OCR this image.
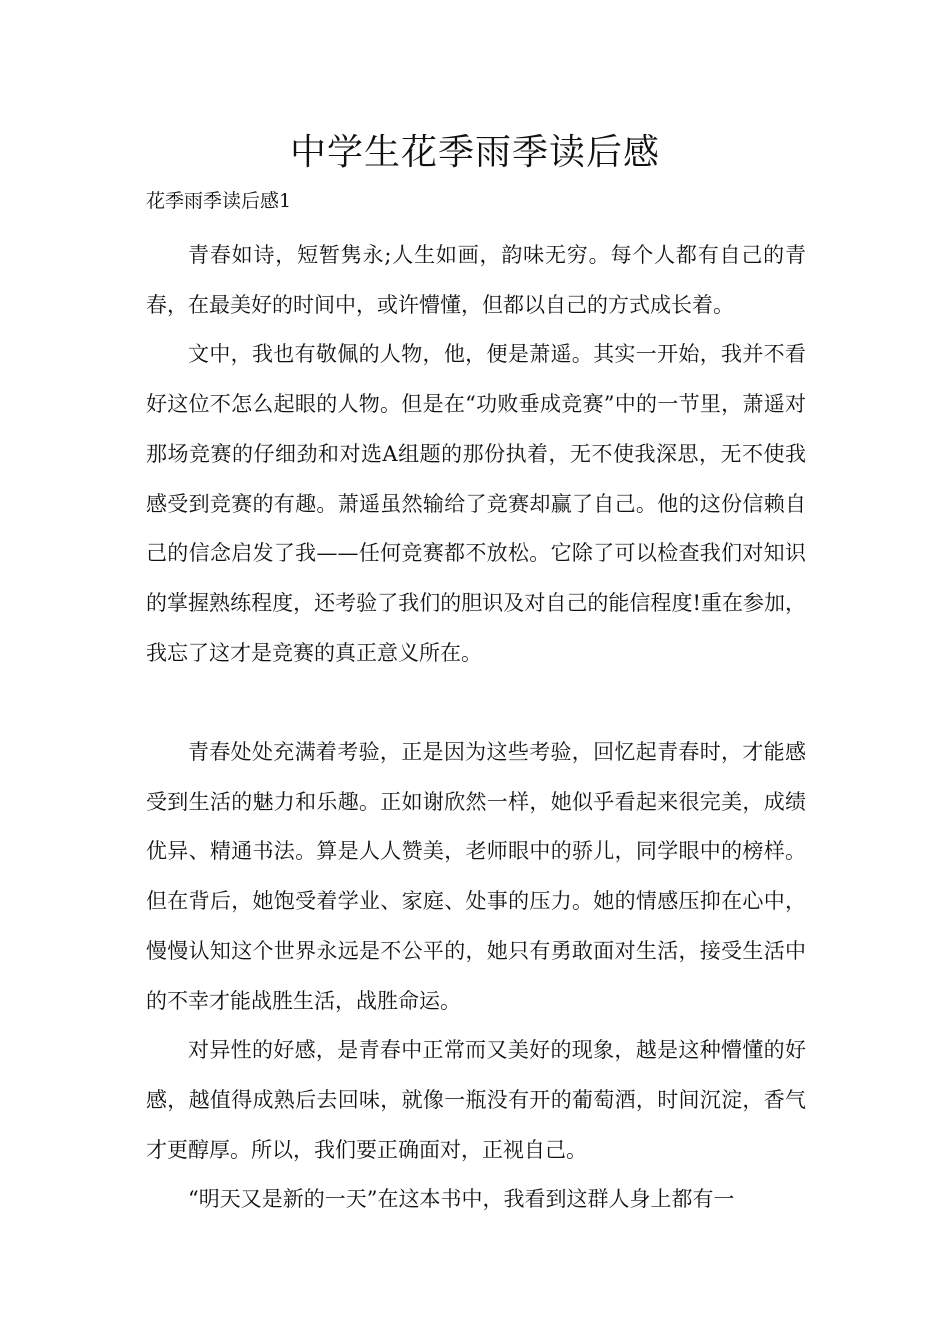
中学生花季雨季读后感

花季雨季读后感1

青春如诗，短暂隽永;人生如画，韵味无穷。每个人都有自己的青春，在最美好的时间中，或许懵懂，但都以自己的方式成长着。

文中，我也有敬佩的人物，他，便是萧遥。其实一开始，我并不看好这位不怎么起眼的人物。但是在“功败垂成竞赛”中的一节里，萧遥对那场竞赛的仔细劲和对选A组题的那份执着，无不使我深思，无不使我感受到竞赛的有趣。萧遥虽然输给了竞赛却赢了自己。他的这份信赖自己的信念启发了我——任何竞赛都不放松。它除了可以检查我们对知识的掌握熟练程度，还考验了我们的胆识及对自己的能信程度!重在参加，我忘了这才是竞赛的真正意义所在。

青春处处充满着考验，正是因为这些考验，回忆起青春时，才能感受到生活的魅力和乐趣。正如谢欣然一样，她似乎看起来很完美，成绩优异、精通书法。算是人人赞美，老师眼中的骄儿，同学眼中的榜样。但在背后，她饱受着学业、家庭、处事的压力。她的情感压抑在心中，慢慢认知这个世界永远是不公平的，她只有勇敢面对生活，接受生活中的不幸才能战胜生活，战胜命运。

对异性的好感，是青春中正常而又美好的现象，越是这种懵懂的好感，越值得成熟后去回味，就像一瓶没有开的葡萄酒，时间沉淀，香气才更醇厚。所以，我们要正确面对，正视自己。

“明天又是新的一天”在这本书中，我看到这群人身上都有一
